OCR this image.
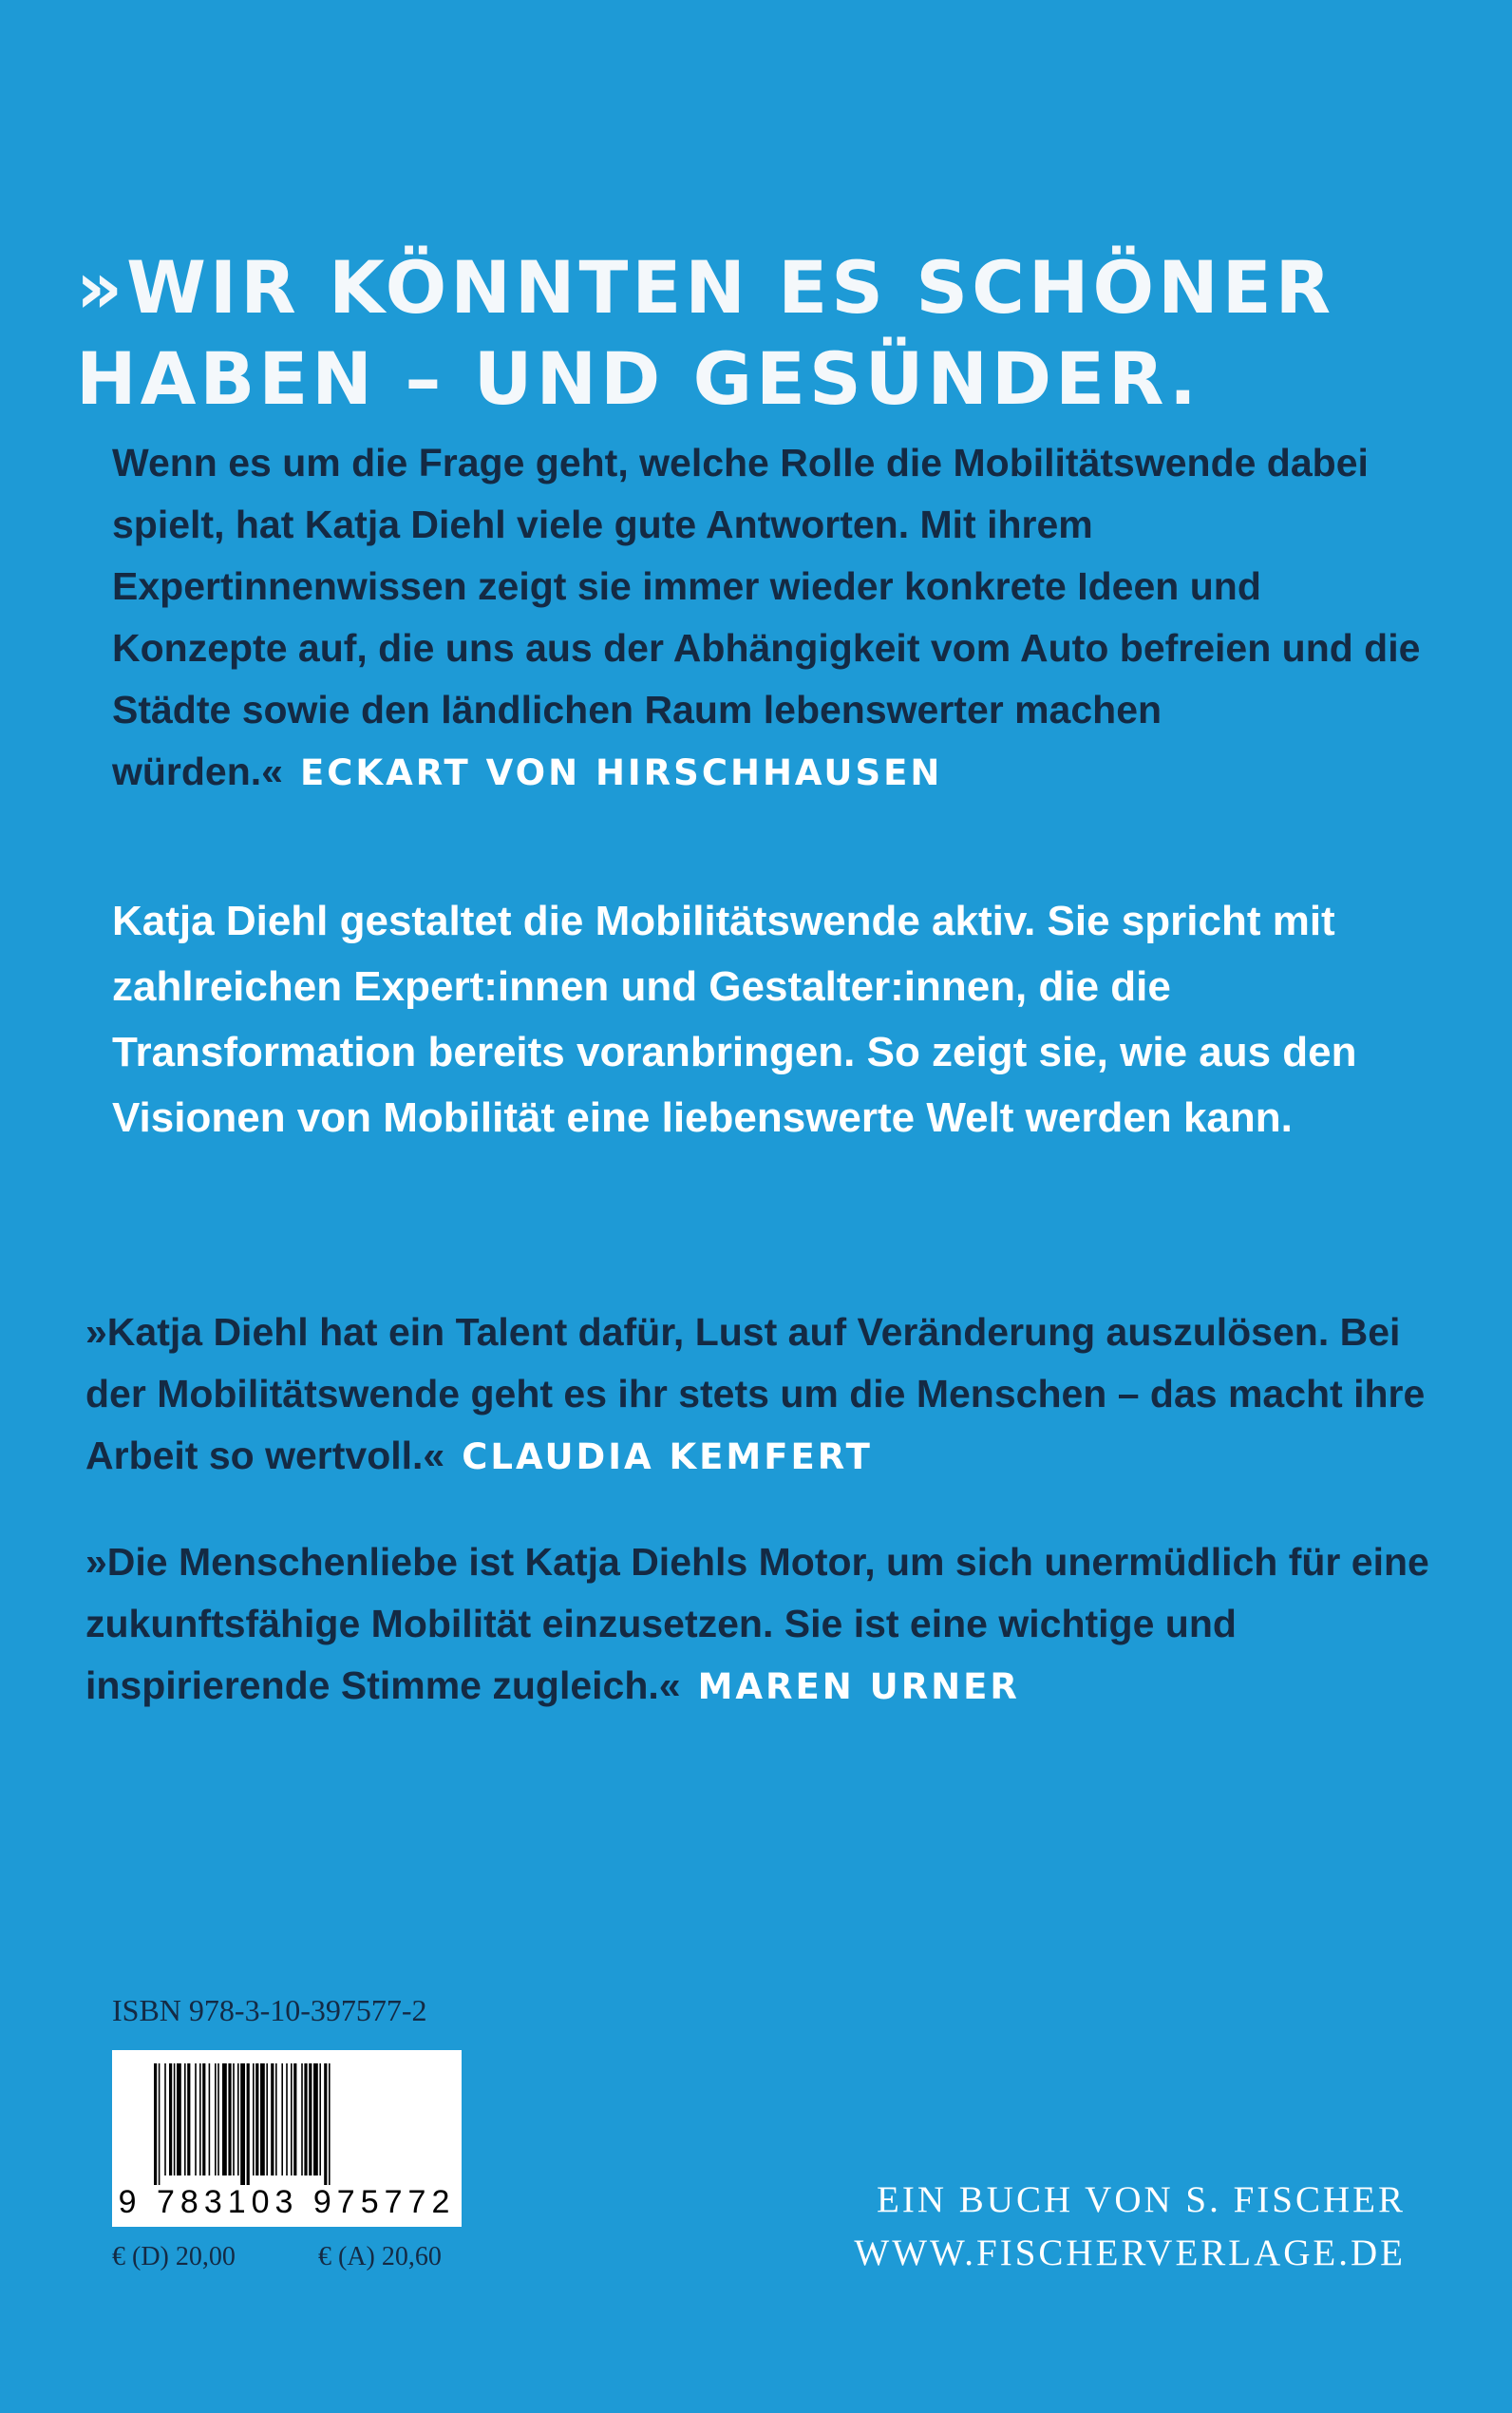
»WIR KÖNNTEN ES SCHÖNER
HABEN – UND GESÜNDER.
Wenn es um die Frage geht, welche Rolle die Mobilitätswende dabei spielt, hat Katja Diehl viele gute Antworten. Mit ihrem Expertinnenwissen zeigt sie immer wieder konkrete Ideen und Konzepte auf, die uns aus der Abhängigkeit vom Auto befreien und die Städte sowie den ländlichen Raum lebenswerter machen würden.« ECKART VON HIRSCHHAUSEN
Katja Diehl gestaltet die Mobilitätswende aktiv. Sie spricht mit zahlreichen Expert:innen und Gestalter:innen, die die Transformation bereits voranbringen. So zeigt sie, wie aus den Visionen von Mobilität eine liebenswerte Welt werden kann.
»Katja Diehl hat ein Talent dafür, Lust auf Veränderung auszulösen. Bei der Mobilitätswende geht es ihr stets um die Menschen – das macht ihre Arbeit so wertvoll.« CLAUDIA KEMFERT
»Die Menschenliebe ist Katja Diehls Motor, um sich unermüdlich für eine zukunftsfähige Mobilität einzusetzen. Sie ist eine wichtige und inspirierende Stimme zugleich.« MAREN URNER
ISBN 978-3-10-397577-2
9 783103 975772
€ (D) 20,00	€ (A) 20,60
EIN BUCH VON S. FISCHER
WWW.FISCHERVERLAGE.DE
